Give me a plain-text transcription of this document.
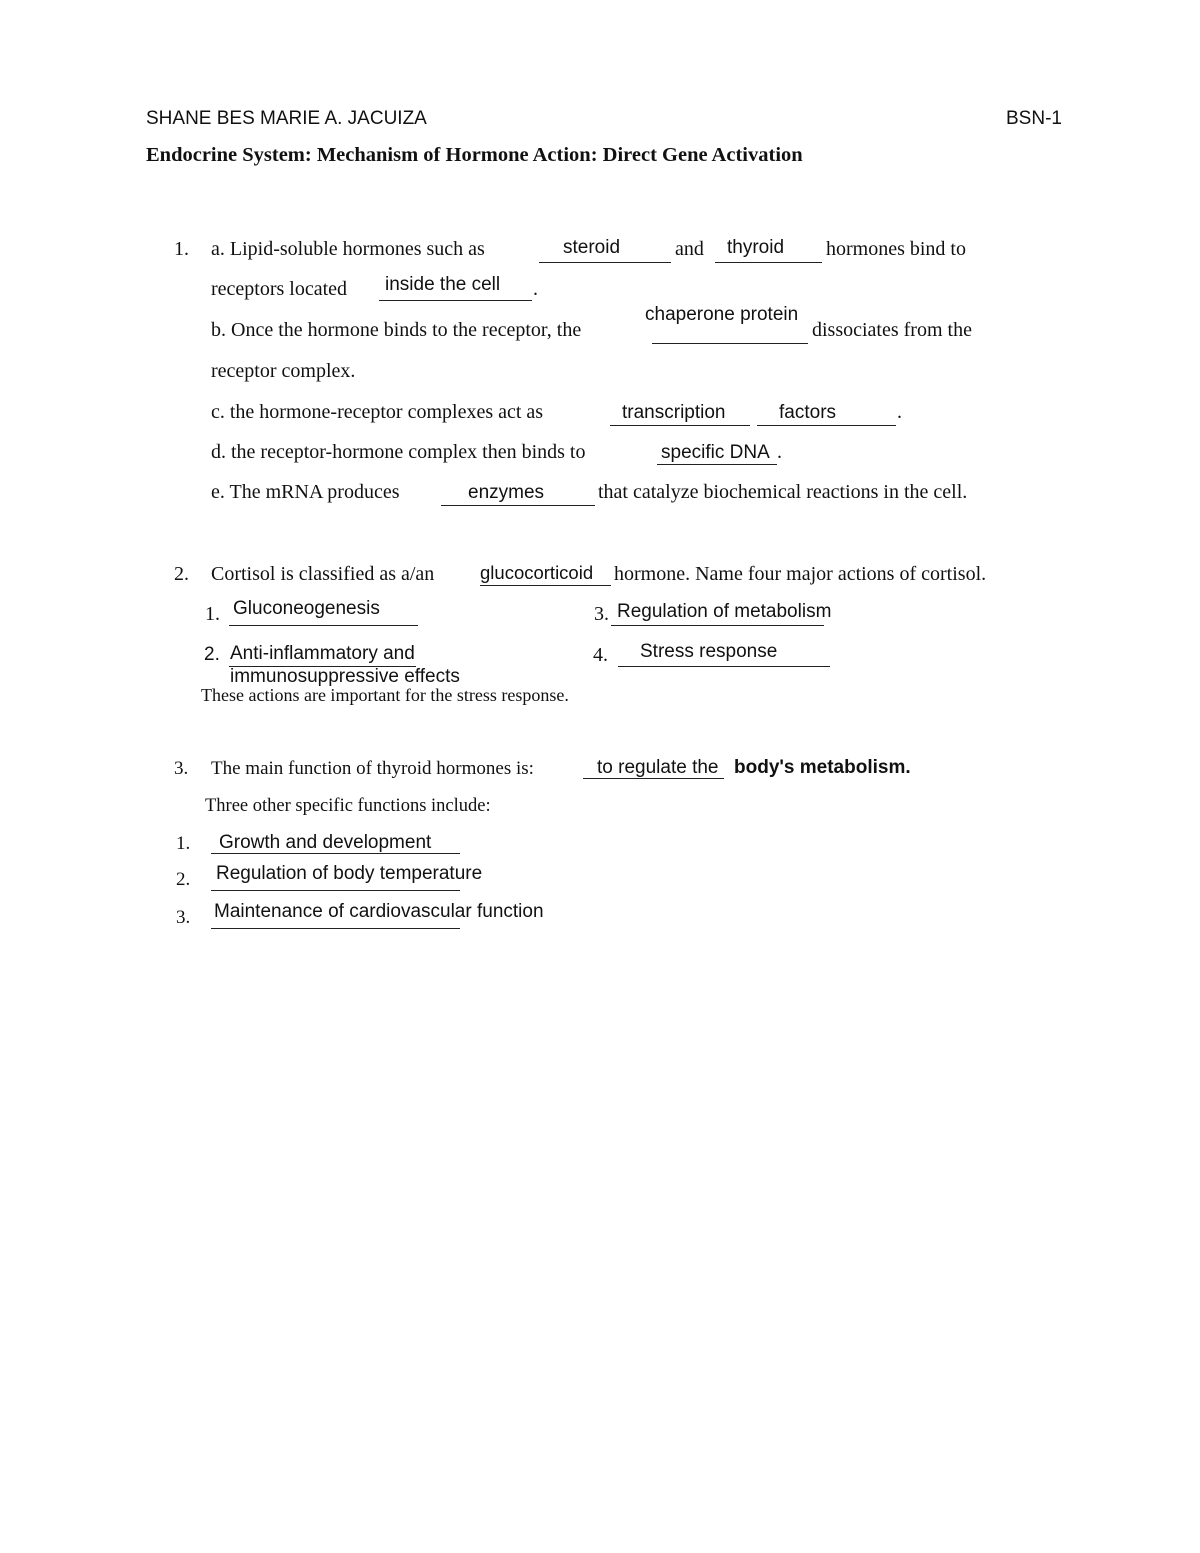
SHANE BES MARIE A. JACUIZA	BSN-1
Endocrine System: Mechanism of Hormone Action: Direct Gene Activation
1. a. Lipid-soluble hormones such as	steroid	and thyroid hormones bind to
receptors located inside the cell .
b. Once the hormone binds to the receptor, the
chaperone protein
dissociates from the
receptor complex.
c. the hormone-receptor complexes act as	transcription	factors	.
d. the receptor-hormone complex then binds to	specific DNA .
e. The mRNA produces	enzymes	that catalyze biochemical reactions in the cell.
2. Cortisol is classified as a/an glucocorticoid hormone. Name four major actions of cortisol.
1. Gluconeogenesis	3. Regulation of metabolism
2. Anti-inflammatory and
immunosuppressive effects
4. Stress response
These actions are important for the stress response.
3. The main function of thyroid hormones is:	to regulate the body's metabolism.
Three other specific functions include:
1. Growth and development
2. Regulation of body temperature
3. Maintenance of cardiovascular function
